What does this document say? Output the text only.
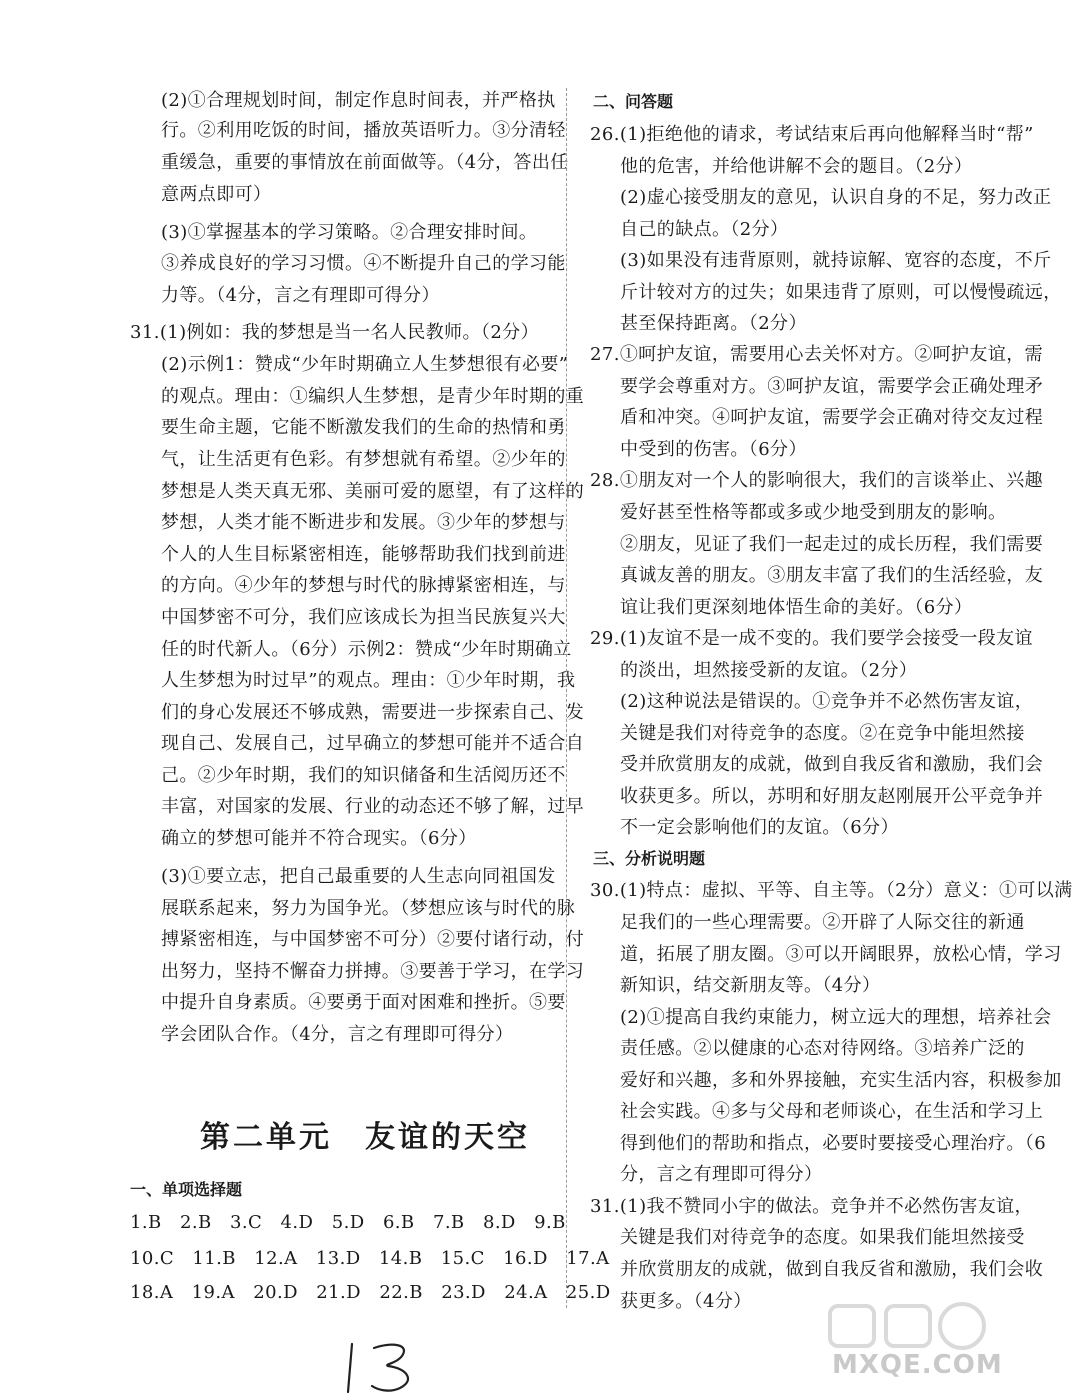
(2)①合理规划时间，制定作息时间表，并严格执
行。②利用吃饭的时间，播放英语听力。③分清轻
重缓急，重要的事情放在前面做等。（4分，答出任
意两点即可）
(3)①掌握基本的学习策略。②合理安排时间。
③养成良好的学习习惯。④不断提升自己的学习能
力等。（4分，言之有理即可得分）
31.(1)例如：我的梦想是当一名人民教师。（2分）
(2)示例1：赞成“少年时期确立人生梦想很有必要”
的观点。理由：①编织人生梦想，是青少年时期的重
要生命主题，它能不断激发我们的生命的热情和勇
气，让生活更有色彩。有梦想就有希望。②少年的
梦想是人类天真无邪、美丽可爱的愿望，有了这样的
梦想，人类才能不断进步和发展。③少年的梦想与
个人的人生目标紧密相连，能够帮助我们找到前进
的方向。④少年的梦想与时代的脉搏紧密相连，与
中国梦密不可分，我们应该成长为担当民族复兴大
任的时代新人。（6分）示例2：赞成“少年时期确立
人生梦想为时过早”的观点。理由：①少年时期，我
们的身心发展还不够成熟，需要进一步探索自己、发
现自己、发展自己，过早确立的梦想可能并不适合自
己。②少年时期，我们的知识储备和生活阅历还不
丰富，对国家的发展、行业的动态还不够了解，过早
确立的梦想可能并不符合现实。（6分）
(3)①要立志，把自己最重要的人生志向同祖国发
展联系起来，努力为国争光。（梦想应该与时代的脉
搏紧密相连，与中国梦密不可分）②要付诸行动，付
出努力，坚持不懈奋力拼搏。③要善于学习，在学习
中提升自身素质。④要勇于面对困难和挫折。⑤要
学会团队合作。（4分，言之有理即可得分）
第二单元　友谊的天空
一、单项选择题
1.B　2.B　3.C　4.D　5.D　6.B　7.B　8.D　9.B
10.C　11.B　12.A　13.D　14.B　15.C　16.D　17.A
18.A　19.A　20.D　21.D　22.B　23.D　24.A　25.D
二、问答题
26.(1)拒绝他的请求，考试结束后再向他解释当时“帮”
他的危害，并给他讲解不会的题目。（2分）
(2)虚心接受朋友的意见，认识自身的不足，努力改正
自己的缺点。（2分）
(3)如果没有违背原则，就持谅解、宽容的态度，不斤
斤计较对方的过失；如果违背了原则，可以慢慢疏远，
甚至保持距离。（2分）
27.①呵护友谊，需要用心去关怀对方。②呵护友谊，需
要学会尊重对方。③呵护友谊，需要学会正确处理矛
盾和冲突。④呵护友谊，需要学会正确对待交友过程
中受到的伤害。（6分）
28.①朋友对一个人的影响很大，我们的言谈举止、兴趣
爱好甚至性格等都或多或少地受到朋友的影响。
②朋友，见证了我们一起走过的成长历程，我们需要
真诚友善的朋友。③朋友丰富了我们的生活经验，友
谊让我们更深刻地体悟生命的美好。（6分）
29.(1)友谊不是一成不变的。我们要学会接受一段友谊
的淡出，坦然接受新的友谊。（2分）
(2)这种说法是错误的。①竞争并不必然伤害友谊，
关键是我们对待竞争的态度。②在竞争中能坦然接
受并欣赏朋友的成就，做到自我反省和激励，我们会
收获更多。所以，苏明和好朋友赵刚展开公平竞争并
不一定会影响他们的友谊。（6分）
三、分析说明题
30.(1)特点：虚拟、平等、自主等。（2分）意义：①可以满
足我们的一些心理需要。②开辟了人际交往的新通
道，拓展了朋友圈。③可以开阔眼界，放松心情，学习
新知识，结交新朋友等。（4分）
(2)①提高自我约束能力，树立远大的理想，培养社会
责任感。②以健康的心态对待网络。③培养广泛的
爱好和兴趣，多和外界接触，充实生活内容，积极参加
社会实践。④多与父母和老师谈心，在生活和学习上
得到他们的帮助和指点，必要时要接受心理治疗。（6
分，言之有理即可得分）
31.(1)我不赞同小宇的做法。竞争并不必然伤害友谊，
关键是我们对待竞争的态度。如果我们能坦然接受
并欣赏朋友的成就，做到自我反省和激励，我们会收
获更多。（4分）
MXQE.COM
